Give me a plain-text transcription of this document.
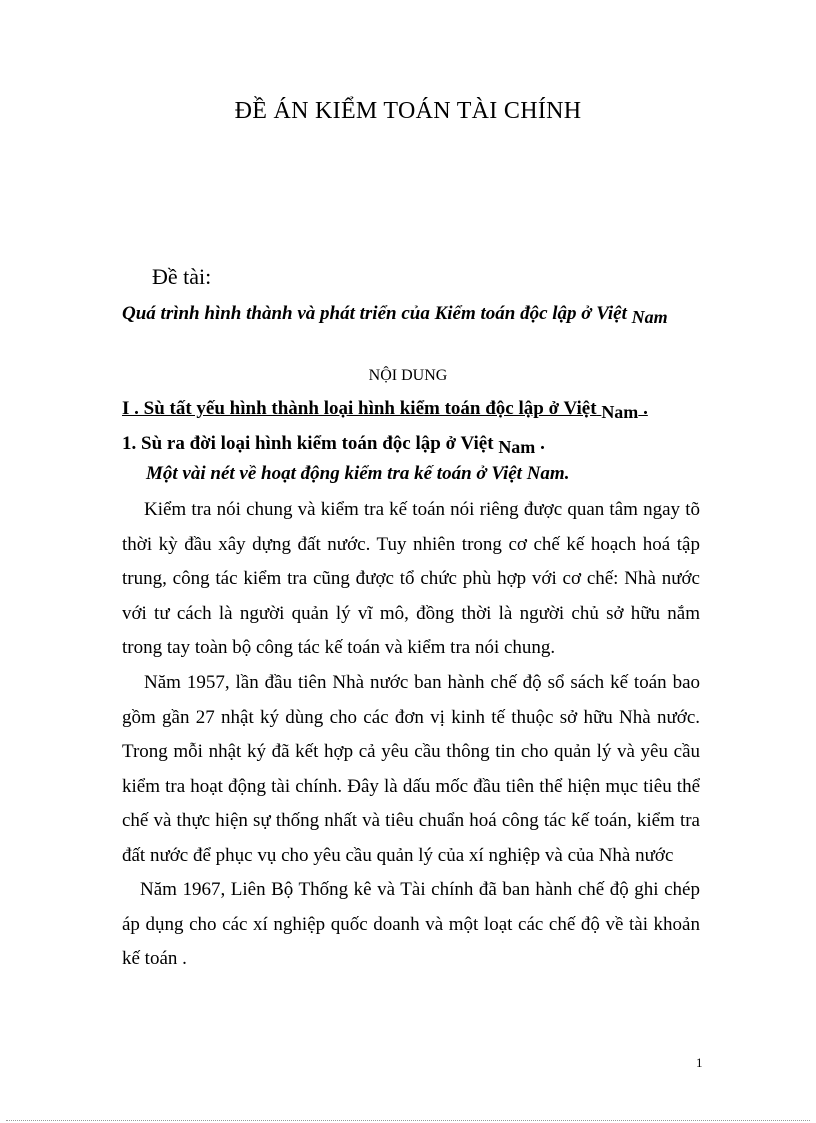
ĐỀ ÁN KIỂM TOÁN TÀI CHÍNH

Đề tài:

Quá trình hình thành và phát triển của Kiểm toán độc lập ở Việt Nam

NỘI DUNG

I . Sù tất yếu hình thành loại hình kiểm toán độc lập ở Việt Nam .

1. Sù ra đời loại hình kiểm toán độc lập ở Việt Nam .

Một vài nét về hoạt động kiểm tra kế toán ở Việt Nam.

Kiểm tra nói chung và kiểm tra kế toán nói riêng được quan tâm ngay tõ thời kỳ đầu xây dựng đất nước. Tuy nhiên trong cơ chế kế hoạch hoá tập trung, công tác kiểm tra cũng được tổ chức phù hợp với cơ chế: Nhà nước với tư cách là người quản lý vĩ mô, đồng thời là người chủ sở hữu nắm trong tay toàn bộ công tác kế toán và kiểm tra nói chung.

Năm 1957, lần đầu tiên Nhà nước ban hành chế độ sổ sách kế toán bao gồm gần 27 nhật ký dùng cho các đơn vị kinh tế thuộc sở hữu Nhà nước. Trong mỗi nhật ký đã kết hợp cả yêu cầu thông tin cho quản lý và yêu cầu kiểm tra hoạt động tài chính. Đây là dấu mốc đầu tiên thể hiện mục tiêu thể chế và thực hiện sự thống nhất và tiêu chuẩn hoá công tác kế toán, kiểm tra đất nước để phục vụ cho yêu cầu quản lý của xí nghiệp và của Nhà nước

Năm 1967, Liên Bộ Thống kê và Tài chính đã ban hành chế độ ghi chép áp dụng cho các xí nghiệp quốc doanh và một loạt các chế độ về tài khoản kế toán .

1
